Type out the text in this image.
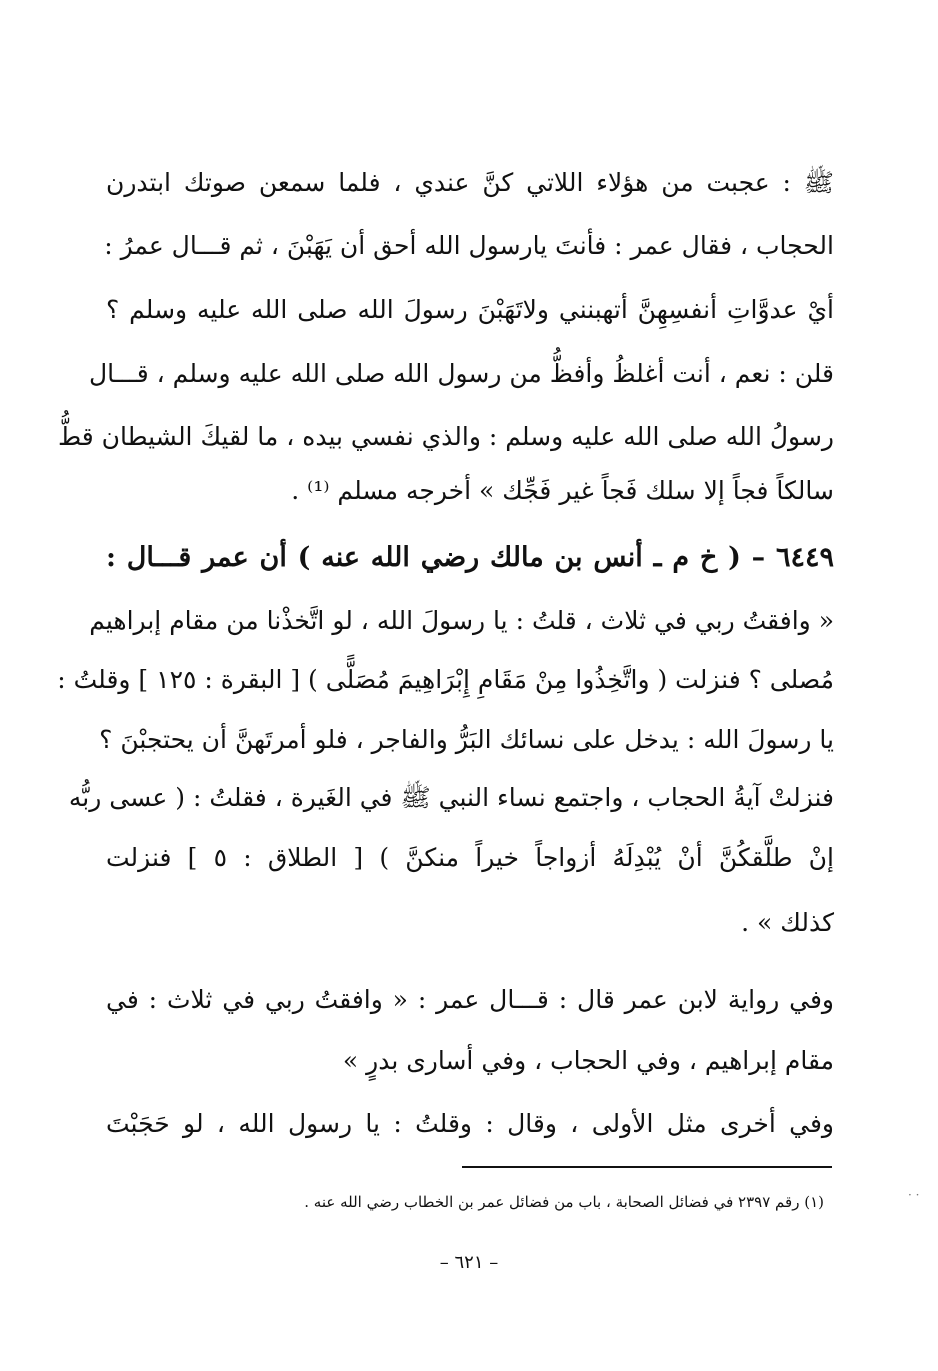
ﷺ : عجبت من هؤلاء اللاتي كنَّ عندي ، فلما سمعن صوتك ابتدرن
الحجاب ، فقال عمر : فأنتَ يارسول الله أحق أن يَهَبْنَ ، ثم قـــال عمرُ :
أيْ عدوَّاتِ أنفسِهِنَّ أتهبنني ولاتَهَبْنَ رسولَ الله صلى الله عليه وسلم ؟
قلن : نعم ، أنت أغلظُ وأفظُّ من رسول الله صلى الله عليه وسلم ، قـــال
رسولُ الله صلى الله عليه وسلم : والذي نفسي بيده ، ما لقيكَ الشيطان قطُّ
سالكاً فجاً إلا سلك فَجاً غير فَجِّك » أخرجه مسلم ⁽¹⁾ .
٦٤٤٩ – ( خ م ـ أنس بن مالك رضي الله عنه ) أن عمر قـــال :
« وافقتُ ربي في ثلاث ، قلتُ : يا رسولَ الله ، لو اتَّخذْنا من مقام إبراهيم
مُصلى ؟ فنزلت ( واتَّخِذُوا مِنْ مَقَامِ إِبْرَاهِيمَ مُصَلًّى ) [ البقرة : ١٢٥ ] وقلتُ :
يا رسولَ الله : يدخل على نسائك البَرُّ والفاجر ، فلو أمرتَهنَّ أن يحتجبْنَ ؟
فنزلتْ آيةُ الحجاب ، واجتمع نساء النبي ﷺ في الغَيرة ، فقلتُ : ( عسى ربُّه
إنْ طلَّقكُنَّ أنْ يُبْدِلَهُ أزواجاً خيراً منكنَّ ) [ الطلاق : ٥ ] فنزلت
كذلك » .
وفي رواية لابن عمر قال : قـــال عمر : « وافقتُ ربي في ثلاث : في
مقام إبراهيم ، وفي الحجاب ، وفي أسارى بدرٍ »
وفي أخرى مثل الأولى ، وقال : وقلتُ : يا رسول الله ، لو حَجَبْتَ
(١) رقم ٢٣٩٧ في فضائل الصحابة ، باب من فضائل عمر بن الخطاب رضي الله عنه .
– ٦٢١ –
· ·
